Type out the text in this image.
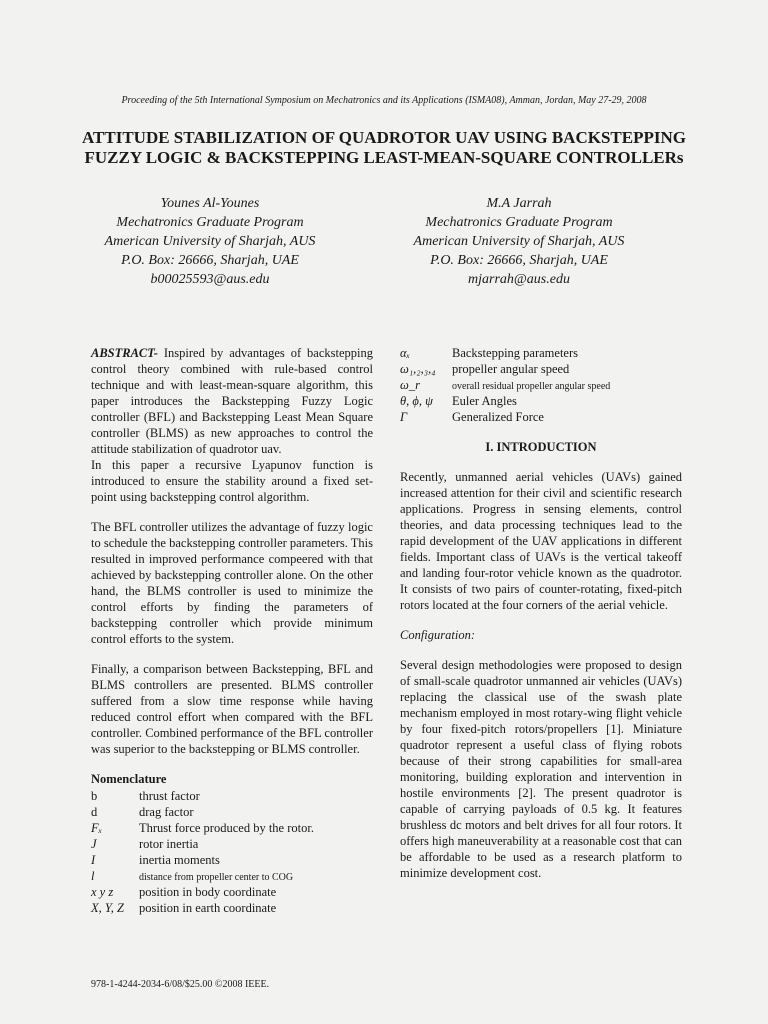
Proceeding of the 5th International Symposium on Mechatronics and its Applications (ISMA08), Amman, Jordan, May 27-29, 2008
ATTITUDE STABILIZATION OF QUADROTOR UAV USING BACKSTEPPING
FUZZY LOGIC & BACKSTEPPING LEAST-MEAN-SQUARE CONTROLLERs
Younes Al-Younes
Mechatronics Graduate Program
American University of Sharjah, AUS
P.O. Box: 26666, Sharjah, UAE
b00025593@aus.edu
M.A Jarrah
Mechatronics Graduate Program
American University of Sharjah, AUS
P.O. Box: 26666, Sharjah, UAE
mjarrah@aus.edu

ABSTRACT- Inspired by advantages of backstepping control theory combined with rule-based control technique and with least-mean-square algorithm, this paper introduces the Backstepping Fuzzy Logic controller (BFL) and Backstepping Least Mean Square controller (BLMS) as new approaches to control the attitude stabilization of quadrotor uav.

In this paper a recursive Lyapunov function is introduced to ensure the stability around a fixed set-point using backstepping control algorithm.

The BFL controller utilizes the advantage of fuzzy logic to schedule the backstepping controller parameters. This resulted in improved performance compeered with that achieved by backstepping controller alone. On the other hand, the BLMS controller is used to minimize the control efforts by finding the parameters of backstepping controller which provide minimum control efforts to the system.

Finally, a comparison between Backstepping, BFL and BLMS controllers are presented. BLMS controller suffered from a slow time response while having reduced control effort when compared with the BFL controller. Combined performance of the BFL controller was superior to the backstepping or BLMS controller.

Nomenclature
b	thrust factor
d	drag factor
Fₓ	Thrust force produced by the rotor.
J	rotor inertia
I	inertia moments
l	distance from propeller center to COG
x y z	position in body coordinate
X, Y, Z	position in earth coordinate
αₓ	Backstepping parameters
ω₁,₂,₃,₄	propeller angular speed
ω_r	overall residual propeller angular speed
θ, ϕ, ψ	Euler Angles
Γ	Generalized Force
I. INTRODUCTION

Recently, unmanned aerial vehicles (UAVs) gained increased attention for their civil and scientific research applications. Progress in sensing elements, control theories, and data processing techniques lead to the rapid development of the UAV applications in different fields. Important class of UAVs is the vertical takeoff and landing four-rotor vehicle known as the quadrotor. It consists of two pairs of counter-rotating, fixed-pitch rotors located at the four corners of the aerial vehicle.

Configuration:

Several design methodologies were proposed to design of small-scale quadrotor unmanned air vehicles (UAVs) replacing the classical use of the swash plate mechanism employed in most rotary-wing flight vehicle by four fixed-pitch rotors/propellers [1]. Miniature quadrotor represent a useful class of flying robots because of their strong capabilities for small-area monitoring, building exploration and intervention in hostile environments [2]. The present quadrotor is capable of carrying payloads of 0.5 kg. It features brushless dc motors and belt drives for all four rotors. It offers high maneuverability at a reasonable cost that can be affordable to be used as a research platform to minimize development cost.

978-1-4244-2034-6/08/$25.00 ©2008 IEEE.
